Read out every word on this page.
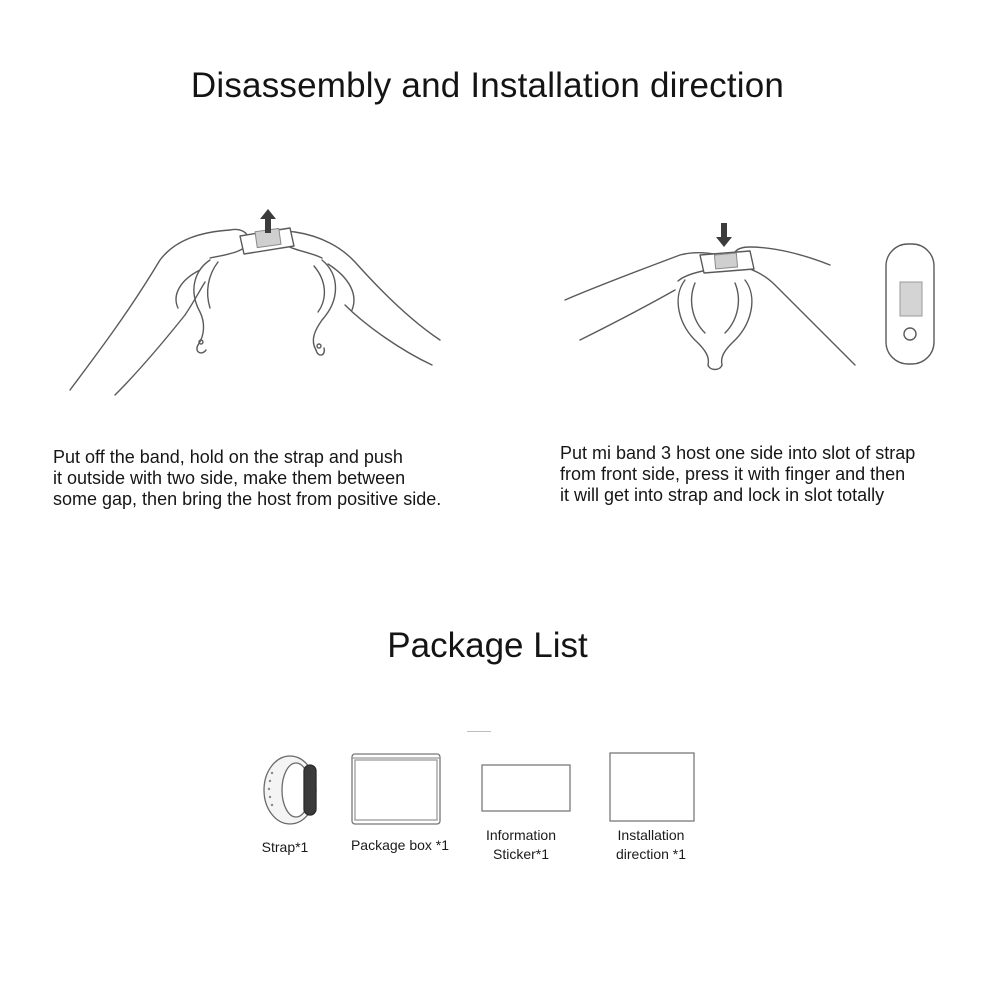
Disassembly and Installation direction
Put off the band, hold on the strap and push
it outside with two side, make them between
some gap, then bring the host from positive side.
Put mi band 3 host one side into slot of strap
from front side, press it with finger and then
it will get into strap and lock in slot totally
Package List
Strap*1	Package box *1
Information
Sticker*1
Installation
direction *1
